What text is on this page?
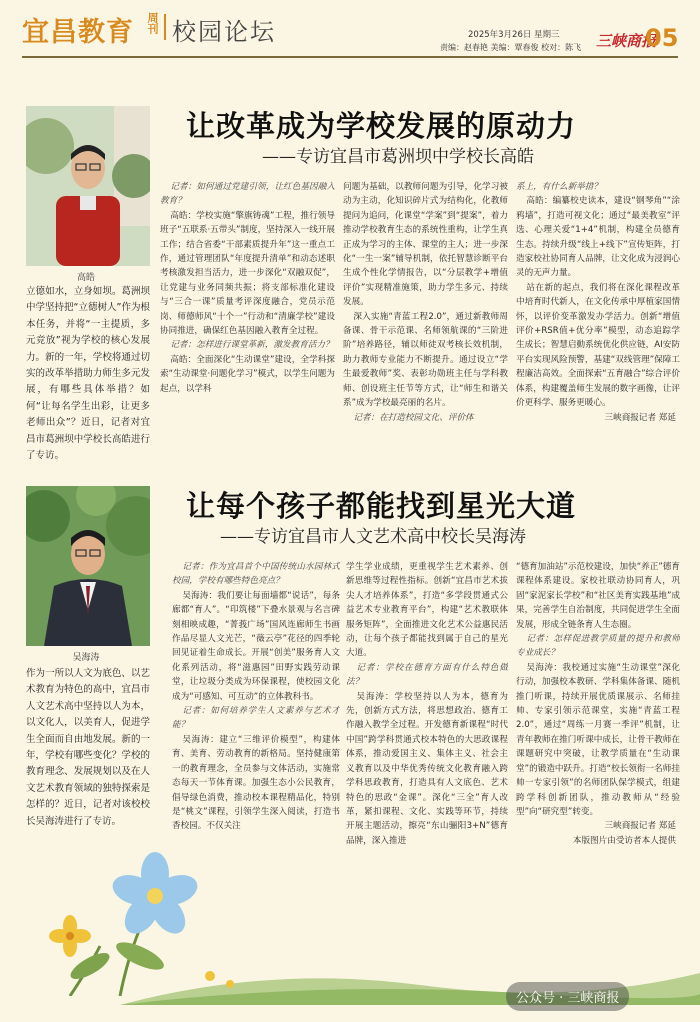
宜昌教育 周刊 校园论坛	2025年3月26日 星期三
责编：赵春艳 美编：覃春俊 校对：陈飞 三峡商报
05
高皓
立德如水，立身如坝。葛洲坝中学坚持把“立德树人”作为根本任务，并将“一主提质，多元竞放”视为学校的核心发展力。新的一年，学校将通过切实的改革举措助力师生多元发展，有哪些具体举措？如何“让每名学生出彩，让更多老师出众”？近日，记者对宜昌市葛洲坝中学校长高皓进行了专访。
让改革成为学校发展的原动力
——专访宜昌市葛洲坝中学校长高皓

记者：如何通过党建引领，让红色基因融入教育？

高皓：学校实施“擎旗铸魂”工程，推行领导班子“五联系·五带头”制度，坚持深入一线开展工作；结合省委“干部素质提升年”这一重点工作，通过管理团队“年度提升清单”和动态述职考核激发担当活力，进一步深化“双融双促”，让党建与业务同频共振；将支部标准化建设与“三合一课”质量考评深度融合，党员示范岗、师德师风“十个一”行动和“清廉学校”建设协同推进，确保红色基因融入教育全过程。

记者：怎样进行课堂革新，激发教育活力？

高皓：全面深化“生动课堂”建设，全学科探索“生动课堂·问题化学习”模式，以学生问题为起点，以学科

问题为基础，以教师问题为引导，化学习被动为主动，化知识碎片式为结构化，化教师提问为追问，化课堂“学案”到“提案”，着力推动学校教育生态的系统性重构，让学生真正成为学习的主体、课堂的主人；进一步深化“一生一案”辅导机制，依托智慧诊断平台生成个性化学情报告，以“分层教学+增值评价”实现精准施策，助力学生多元、持续发展。

深入实施“青蓝工程2.0”，通过新教师周备课、骨干示范课、名师领航课的“三阶进阶”培养路径，辅以师徒双考核长效机制，助力教师专业能力不断提升。通过设立“学生最爱教师”奖、表彰功勋班主任与学科教师、创设班主任节等方式，让“师生和谐关系”成为学校最亮丽的名片。

记者：在打造校园文化、评价体

系上，有什么新举措？

高皓：编纂校史读本，建设“钢琴角”“涂鸦墙”，打造可视文化；通过“最美教室”评选、心理关爱“1+4”机制，构建全员德育生态。持续升级“线上+线下”宣传矩阵，打造家校社协同育人品牌，让文化成为浸润心灵的无声力量。

站在新的起点，我们将在深化课程改革中培育时代新人，在文化传承中厚植家国情怀，以评价变革激发办学活力。创新“增值评价+RSR值+优分率”模型，动态追踪学生成长；智慧启動系统优化供应链，AI安防平台实现风险预警，基建“双线管理”保障工程廉洁高效。全面探索“五育融合”综合评价体系，构建覆盖师生发展的数字画像，让评价更科学、服务更暖心。

三峡商报记者 郑延

吴海涛
作为一所以人文为底色、以艺术教育为特色的高中，宜昌市人文艺术高中坚持以人为本，以文化人，以美育人，促进学生全面而自由地发展。新的一年，学校有哪些变化？学校的教育理念、发展规划以及在人文艺术教育领域的独特探索是怎样的？近日，记者对该校校长吴海涛进行了专访。
让每个孩子都能找到星光大道
——专访宜昌市人文艺术高中校长吴海涛

记者：作为宜昌首个中国传统山水园林式校园，学校有哪些特色亮点？

吴海涛：我们要让每面墙都“说话”，每条廊都“育人”。“印筑楼”下叠水景观与名言碑刻相映成趣，“菁莪广场”国风连廊师生书画作品尽显人文光芒，“薇云亭”花径的四季轮回见证着生命成长。开展“创美”服务育人文化系列活动，将“滋惠园”田野实践劳动课堂，让垃圾分类成为环保课程，使校园文化成为“可感知、可互动”的立体教科书。

记者：如何培养学生人文素养与艺术才能？

吴海涛：建立“三维评价模型”，构建体育、美育、劳动教育的新格局。坚持健康第一的教育理念，全员参与文体活动，实施常态每天一节体育课。加强生态小公民教育，倡导绿色消费，推动校本课程精品化，特别是“桃文”课程，引领学生深入阅读，打造书香校园。不仅关注

学生学业成绩，更重视学生艺术素养、创新思维等过程性指标。创新“宜昌市艺术拔尖人才培养体系”，打造“多学段贯通式公益艺术专业教育平台”，构建“艺术教联体服务矩阵”，全面推进文化艺术公益惠民活动，让每个孩子都能找到属于自己的星光大道。

记者：学校在德育方面有什么特色做法？

吴海涛：学校坚持以人为本，德育为先，创新方式方法，将思想政治、德育工作融入教学全过程。开发德育新课程“时代中国”跨学科贯通式校本特色的大思政课程体系，推动爱国主义、集体主义、社会主义教育以及中华优秀传统文化教育融入跨学科思政教育，打造具有人文底色、艺术特色的思政“金课”。深化“三全”育人改革，紧扣课程、文化、实践等环节，持续开展主题活动，擦亮“东山骊阳3+N”德育品牌，深入推进

“德育加油站”示范校建设，加快“养正”德育课程体系建设。家校社联动协同育人，巩固“家泥家长学校”和“社区美育实践基地”成果，完善学生自治制度，共同促进学生全面发展，形成全链条育人生态圈。

记者：怎样促进教学质量的提升和教师专业成长？

吴海涛：我校通过实施“生动课堂”深化行动，加强校本教研、学科集体备课、随机推门听课，持续开展优质课展示、名师挂帅、专家引领示范课堂，实施“青蓝工程2.0”，通过“周练一月赛一季评”机制，让青年教师在推门听课中成长，让骨干教师在课题研究中突破，让教学质量在“生动课堂”的锻造中跃升。打造“校长领衔一名师挂帅一专家引领”的名师团队保学模式，组建跨学科创新团队，推动教师从“经验型”向“研究型”转变。

三峡商报记者 郑延

本版图片由受访者本人提供

公众号 · 三峡商报
